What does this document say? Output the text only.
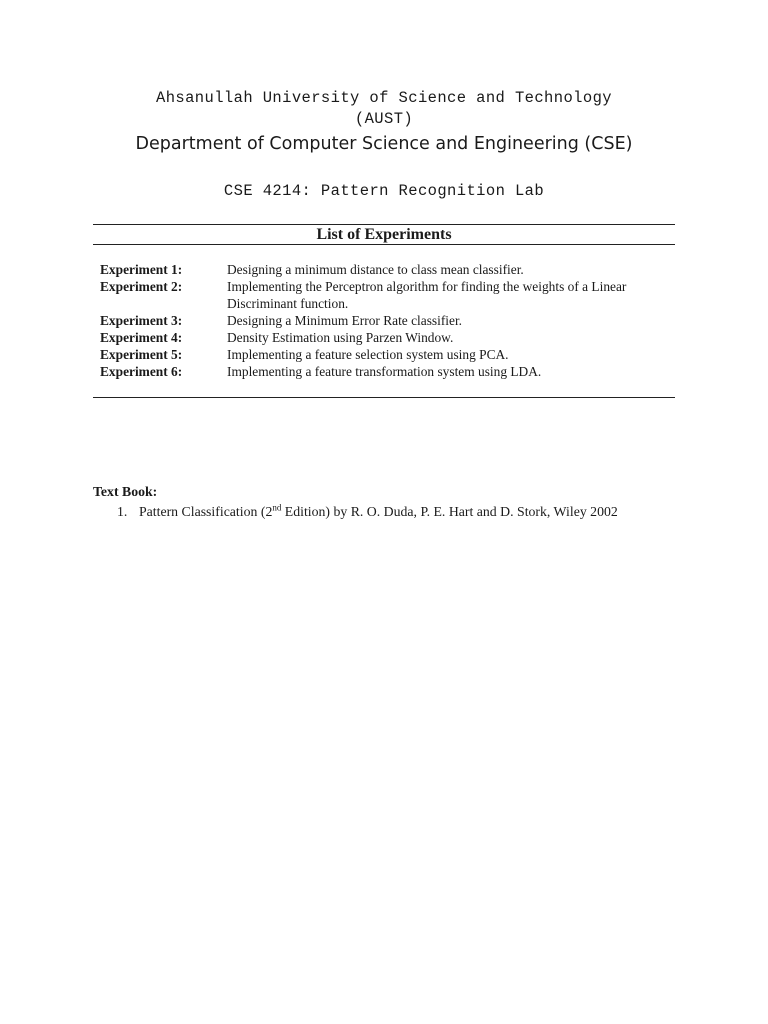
Ahsanullah University of Science and Technology
(AUST)
Department of Computer Science and Engineering (CSE)
CSE 4214: Pattern Recognition Lab
List of Experiments
Experiment 1:	Designing a minimum distance to class mean classifier.
Experiment 2:	Implementing the Perceptron algorithm for finding the weights of a Linear Discriminant function.
Experiment 3:	Designing a Minimum Error Rate classifier.
Experiment 4:	Density Estimation using Parzen Window.
Experiment 5:	Implementing a feature selection system using PCA.
Experiment 6:	Implementing a feature transformation system using LDA.
Text Book:
1. Pattern Classification (2nd Edition) by R. O. Duda, P. E. Hart and D. Stork, Wiley 2002
